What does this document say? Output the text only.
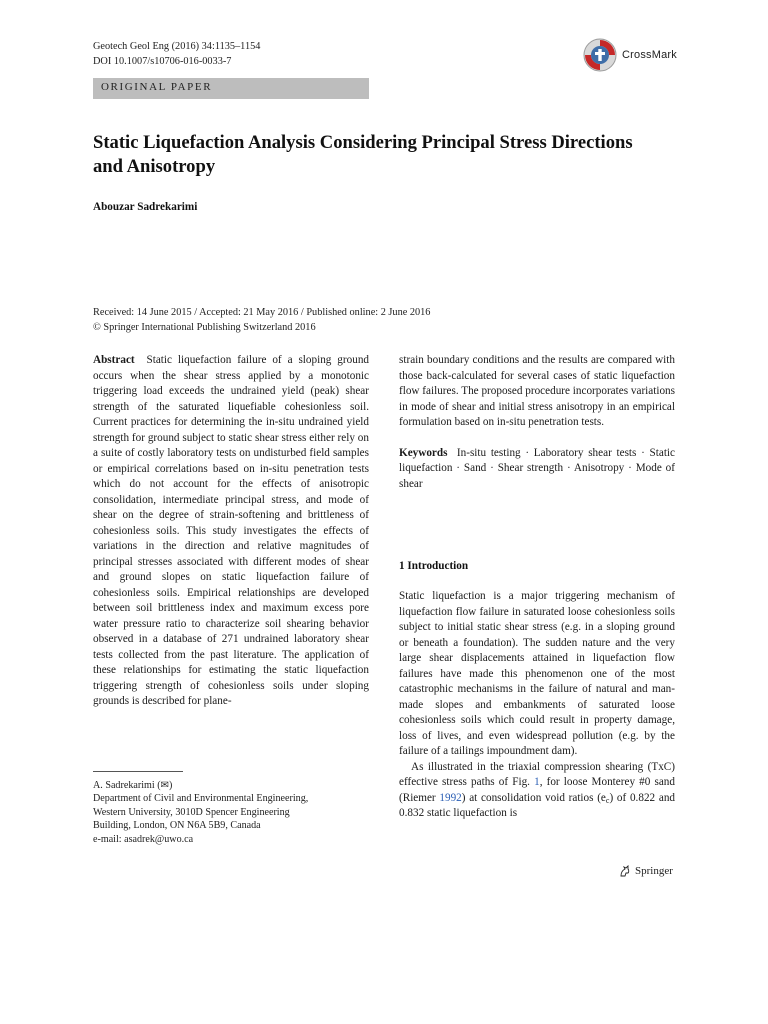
Geotech Geol Eng (2016) 34:1135–1154
DOI 10.1007/s10706-016-0033-7
CrossMark
ORIGINAL PAPER
Static Liquefaction Analysis Considering Principal Stress Directions and Anisotropy
Abouzar Sadrekarimi
Received: 14 June 2015 / Accepted: 21 May 2016 / Published online: 2 June 2016
© Springer International Publishing Switzerland 2016

Abstract Static liquefaction failure of a sloping ground occurs when the shear stress applied by a monotonic triggering load exceeds the undrained yield (peak) shear strength of the saturated liquefiable cohesionless soil. Current practices for determining the in-situ undrained yield strength for ground subject to static shear stress either rely on a suite of costly laboratory tests on undisturbed field samples or empirical correlations based on in-situ penetration tests which do not account for the effects of anisotropic consolidation, intermediate principal stress, and mode of shear on the degree of strain-softening and brittleness of cohesionless soils. This study investigates the effects of variations in the direction and relative magnitudes of principal stresses associated with different modes of shear and ground slopes on static liquefaction failure of cohesionless soils. Empirical relationships are developed between soil brittleness index and maximum excess pore water pressure ratio to characterize soil shearing behavior observed in a database of 271 undrained laboratory shear tests collected from the past literature. The application of these relationships for estimating the static liquefaction triggering strength of cohesionless soils under sloping grounds is described for plane-

strain boundary conditions and the results are compared with those back-calculated for several cases of static liquefaction flow failures. The proposed procedure incorporates variations in mode of shear and initial stress anisotropy in an empirical formulation based on in-situ penetration tests.

Keywords In-situ testing · Laboratory shear tests · Static liquefaction · Sand · Shear strength · Anisotropy · Mode of shear

1 Introduction

Static liquefaction is a major triggering mechanism of liquefaction flow failure in saturated loose cohesionless soils subject to initial static shear stress (e.g. in a sloping ground or beneath a foundation). The sudden nature and the very large shear displacements attained in liquefaction flow failures have made this phenomenon one of the most catastrophic mechanisms in the failure of natural and man-made slopes and embankments of saturated loose cohesionless soils which could result in property damage, loss of lives, and even widespread pollution (e.g. by the failure of a tailings impoundment dam).

As illustrated in the triaxial compression shearing (TxC) effective stress paths of Fig. 1, for loose Monterey #0 sand (Riemer 1992) at consolidation void ratios $(e_c)$ of 0.822 and 0.832 static liquefaction is

A. Sadrekarimi (✉)
Department of Civil and Environmental Engineering,
Western University, 3010D Spencer Engineering
Building, London, ON N6A 5B9, Canada
e-mail: asadrek@uwo.ca
Springer
